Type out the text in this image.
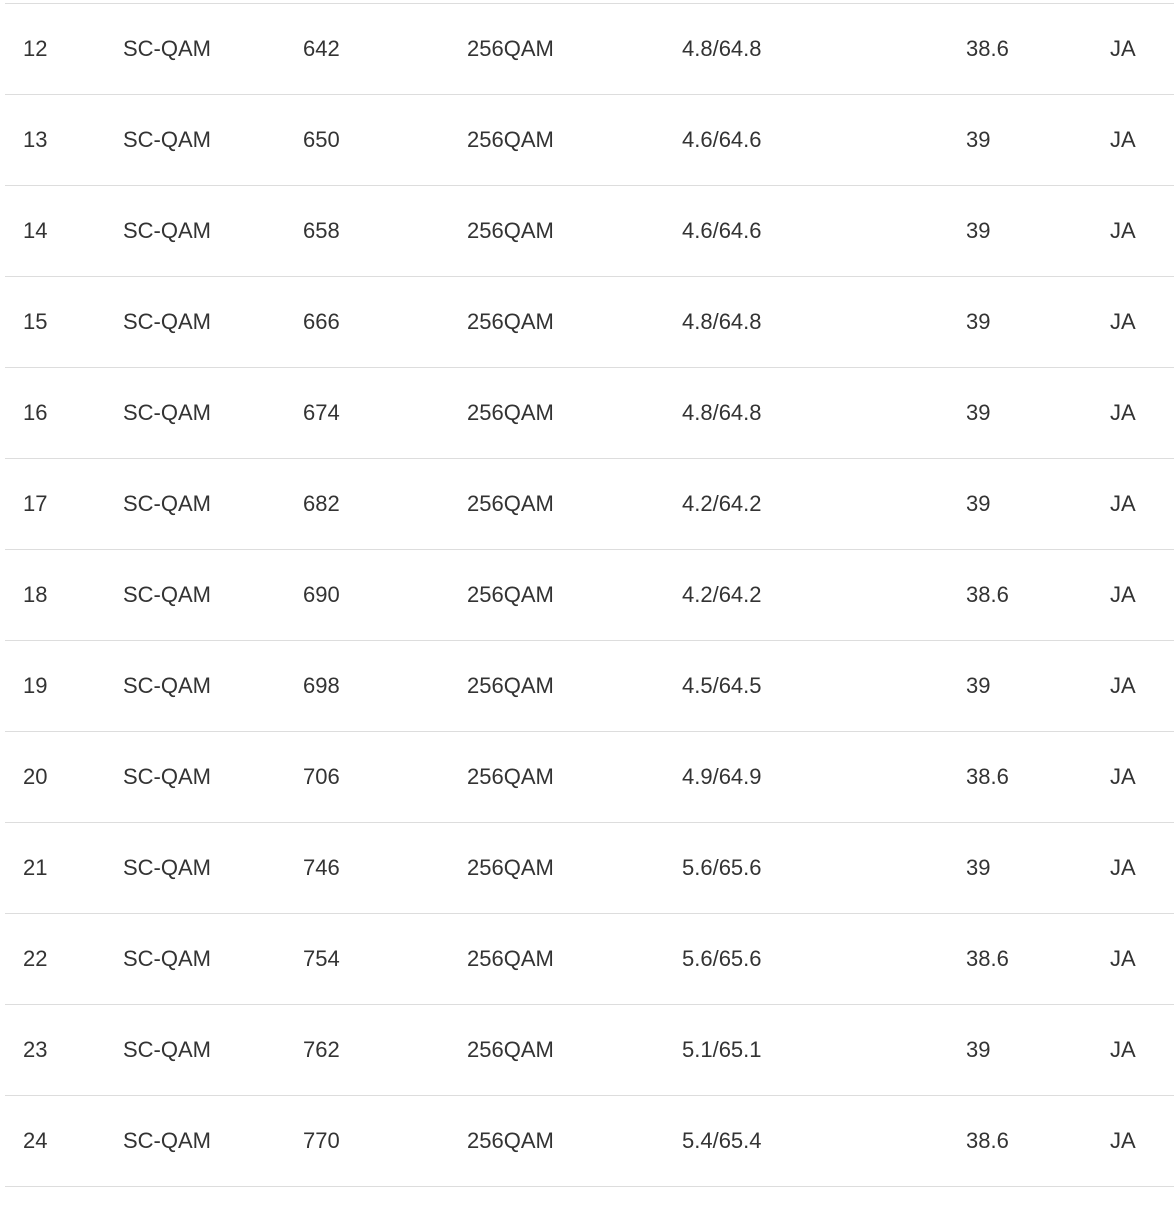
12	SC-QAM	642	256QAM	4.8/64.8	38.6	JA
13	SC-QAM	650	256QAM	4.6/64.6	39	JA
14	SC-QAM	658	256QAM	4.6/64.6	39	JA
15	SC-QAM	666	256QAM	4.8/64.8	39	JA
16	SC-QAM	674	256QAM	4.8/64.8	39	JA
17	SC-QAM	682	256QAM	4.2/64.2	39	JA
18	SC-QAM	690	256QAM	4.2/64.2	38.6	JA
19	SC-QAM	698	256QAM	4.5/64.5	39	JA
20	SC-QAM	706	256QAM	4.9/64.9	38.6	JA
21	SC-QAM	746	256QAM	5.6/65.6	39	JA
22	SC-QAM	754	256QAM	5.6/65.6	38.6	JA
23	SC-QAM	762	256QAM	5.1/65.1	39	JA
24	SC-QAM	770	256QAM	5.4/65.4	38.6	JA
